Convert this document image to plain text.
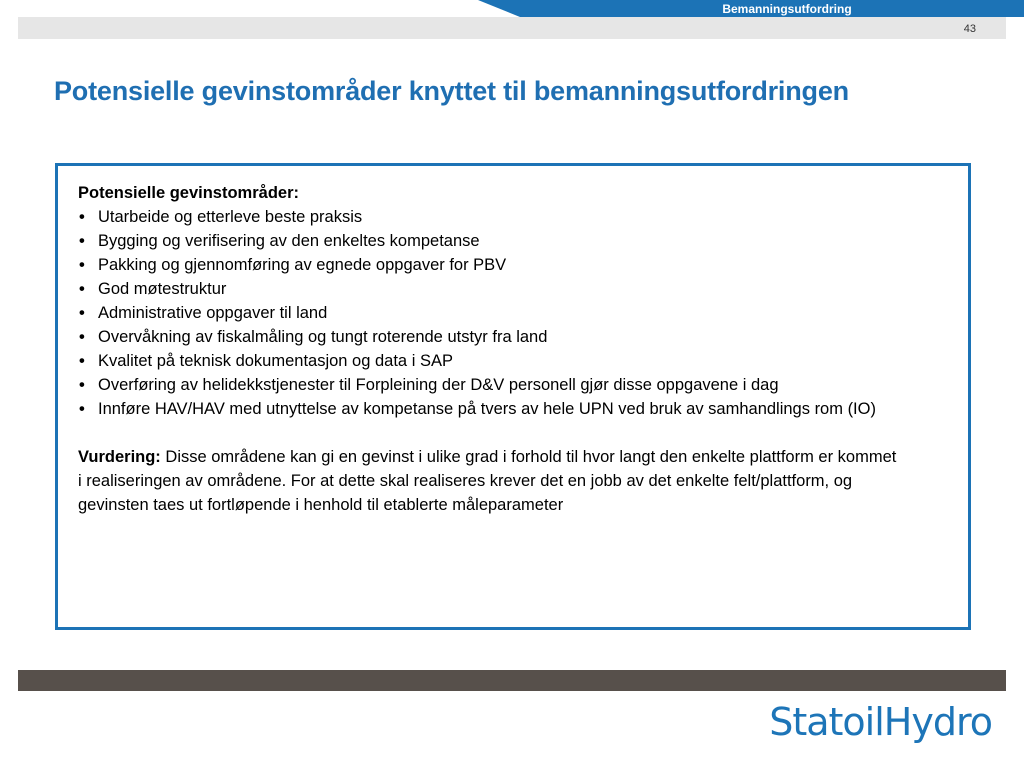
Bemanningsutfordring
43
Potensielle gevinstområder knyttet til bemanningsutfordringen

Potensielle gevinstområder:

• Utarbeide og etterleve beste praksis
• Bygging og verifisering av den enkeltes kompetanse
• Pakking og gjennomføring av egnede oppgaver for PBV
• God møtestruktur
• Administrative oppgaver til land
• Overvåkning av fiskalmåling og tungt roterende utstyr fra land
• Kvalitet på teknisk dokumentasjon og data i SAP
• Overføring av helidekkstjenester til Forpleining der D&V personell gjør disse oppgavene i dag
• Innføre HAV/HAV med utnyttelse av kompetanse på tvers av hele UPN ved bruk av samhandlings rom (IO)
Vurdering: Disse områdene kan gi en gevinst i ulike grad i forhold til hvor langt den enkelte plattform er kommet i realiseringen av områdene. For at dette skal realiseres krever det en jobb av det enkelte felt/plattform, og gevinsten taes ut fortløpende i henhold til etablerte måleparameter
StatoilHydro
